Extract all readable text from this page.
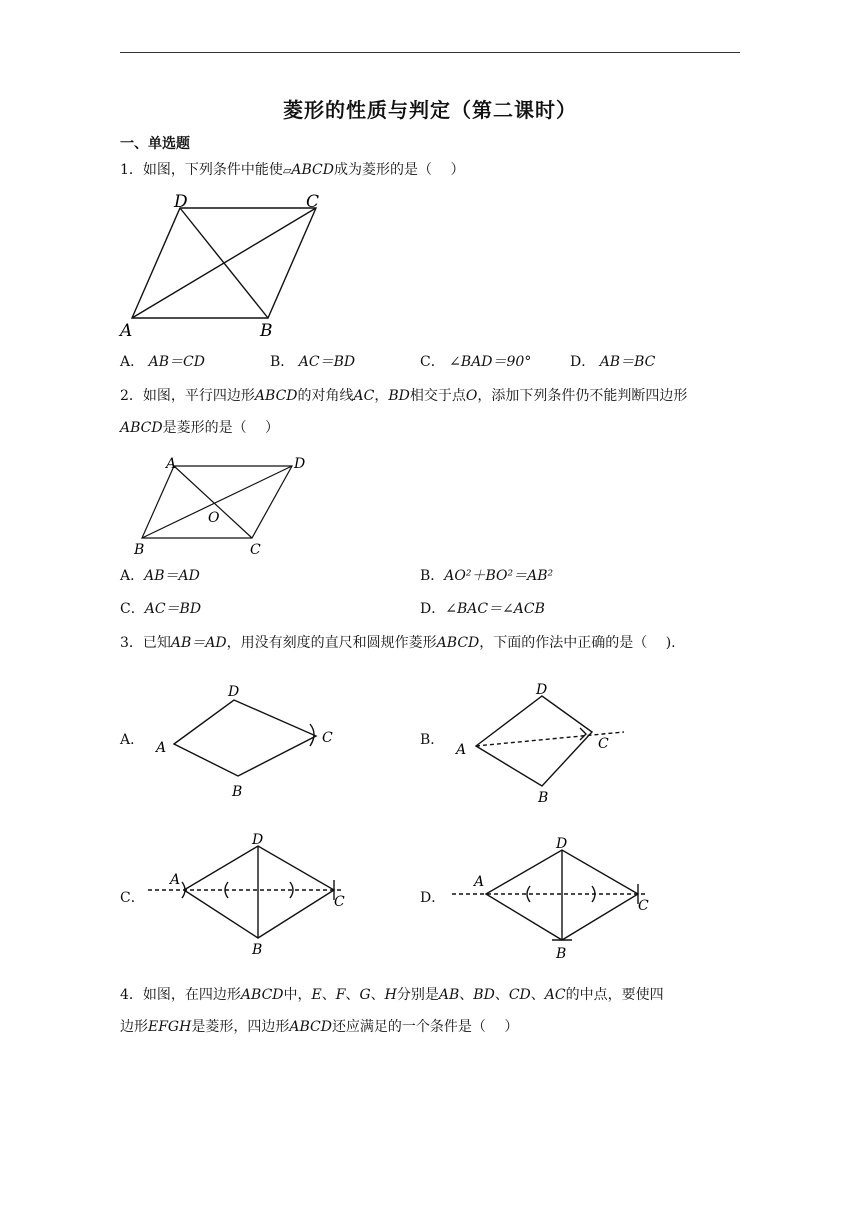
菱形的性质与判定（第二课时）
一、单选题
1．如图，下列条件中能使▱ABCD成为菱形的是（　 ）
A	B
C
D
A． AB＝CD	B． AC＝BD	C． ∠BAD＝90°	D． AB＝BC
2．如图，平行四边形ABCD的对角线AC，BD相交于点O，添加下列条件仍不能判断四边形
ABCD是菱形的是（　 ）
A	D
B	C
O
A．AB＝AD	B．AO²＋BO²＝AB²
C．AC＝BD	D．∠BAC＝∠ACB
3．已知AB＝AD，用没有刻度的直尺和圆规作菱形ABCD，下面的作法中正确的是（　 ).
A． A
D
C
B
B．
A
D
C
B
C．
A
D
C
B
D．
A
D
C
B
4．如图，在四边形ABCD中，E、F、G、H分别是AB、BD、CD、AC的中点，要使四
边形EFGH是菱形，四边形ABCD还应满足的一个条件是（　 ）
